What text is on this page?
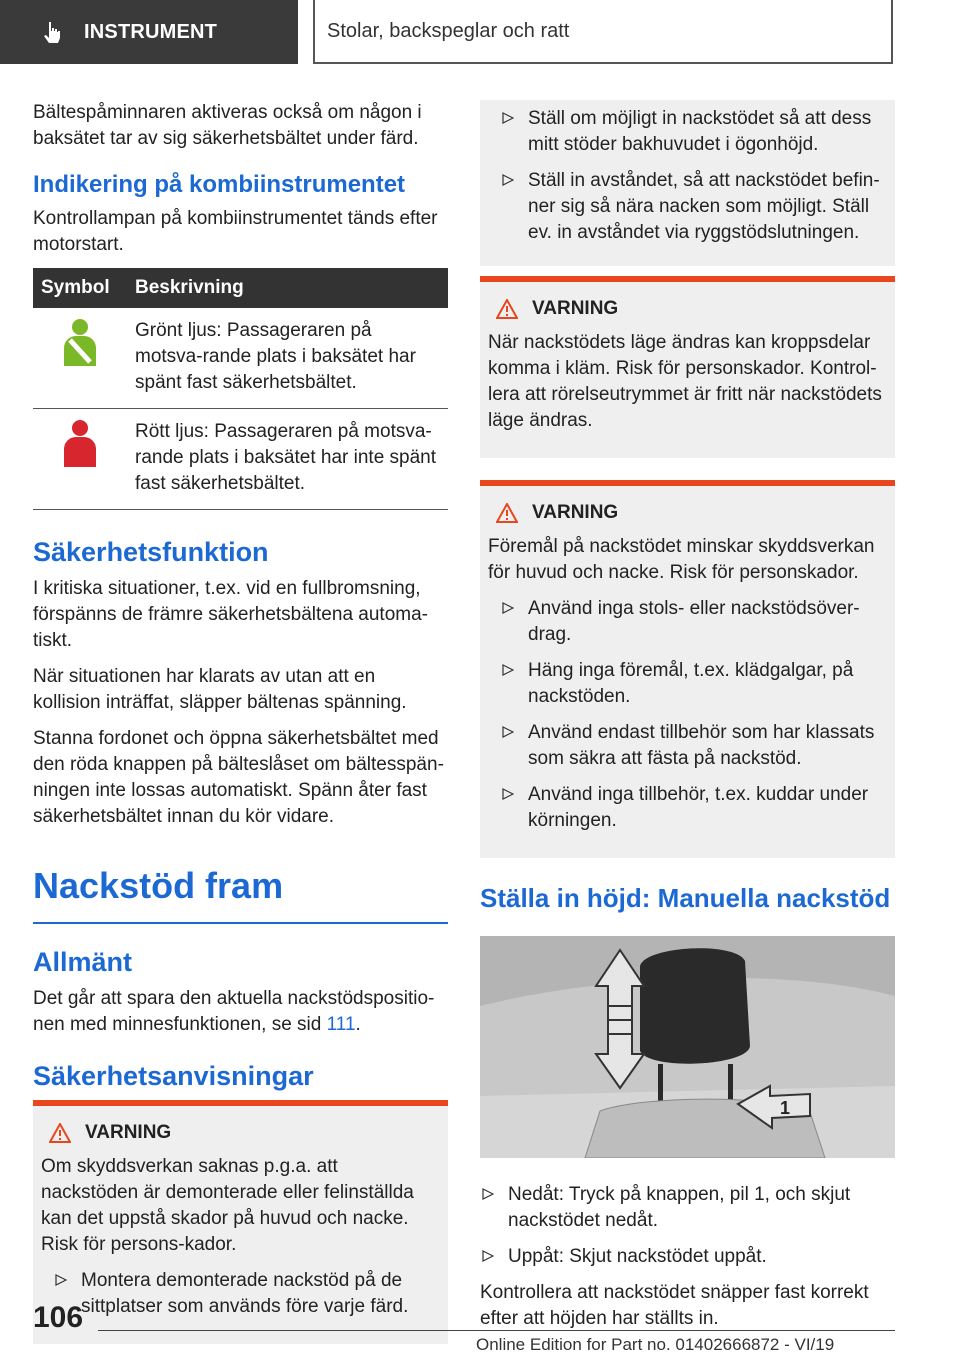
INSTRUMENT	Stolar, backspeglar och ratt

Bältespåminnaren aktiveras också om någon i baksätet tar av sig säkerhetsbältet under färd.

Indikering på kombiinstrumentet

Kontrollampan på kombiinstrumentet tänds efter motorstart.

Symbol	Beskrivning
	Grönt ljus: Passageraren på motsva-rande plats i baksätet har spänt fast säkerhetsbältet.
	Rött ljus: Passageraren på motsva-rande plats i baksätet har inte spänt fast säkerhetsbältet.
Säkerhetsfunktion

I kritiska situationer, t.ex. vid en fullbromsning, förspänns de främre säkerhetsbältena automa-tiskt.

När situationen har klarats av utan att en kollision inträffat, släpper bältenas spänning.

Stanna fordonet och öppna säkerhetsbältet med den röda knappen på bälteslåset om bältesspän-ningen inte lossas automatiskt. Spänn åter fast säkerhetsbältet innan du kör vidare.

Nackstöd fram
Allmänt

Det går att spara den aktuella nackstödspositio-nen med minnesfunktionen, se sid 111.

Säkerhetsanvisningar
VARNING

Om skyddsverkan saknas p.g.a. att nackstöden är demonterade eller felinställda kan det uppstå skador på huvud och nacke. Risk för persons-kador.

Montera demonterade nackstöd på de sittplatser som används före varje färd.
Ställ om möjligt in nackstödet så att dess mitt stöder bakhuvudet i ögonhöjd.
Ställ in avståndet, så att nackstödet befin-ner sig så nära nacken som möjligt. Ställ ev. in avståndet via ryggstödslutningen.
VARNING

När nackstödets läge ändras kan kroppsdelar komma i kläm. Risk för personskador. Kontrol-lera att rörelseutrymmet är fritt när nackstödets läge ändras.

VARNING

Föremål på nackstödet minskar skyddsverkan för huvud och nacke. Risk för personskador.

Använd inga stols- eller nackstödsöver-drag.
Häng inga föremål, t.ex. klädgalgar, på nackstöden.
Använd endast tillbehör som har klassats som säkra att fästa på nackstöd.
Använd inga tillbehör, t.ex. kuddar under körningen.
Ställa in höjd: Manuella nackstöd
1
Nedåt: Tryck på knappen, pil 1, och skjut nackstödet nedåt.
Uppåt: Skjut nackstödet uppåt.

Kontrollera att nackstödet snäpper fast korrekt efter att höjden har ställts in.

106
Online Edition for Part no. 01402666872 - VI/19
